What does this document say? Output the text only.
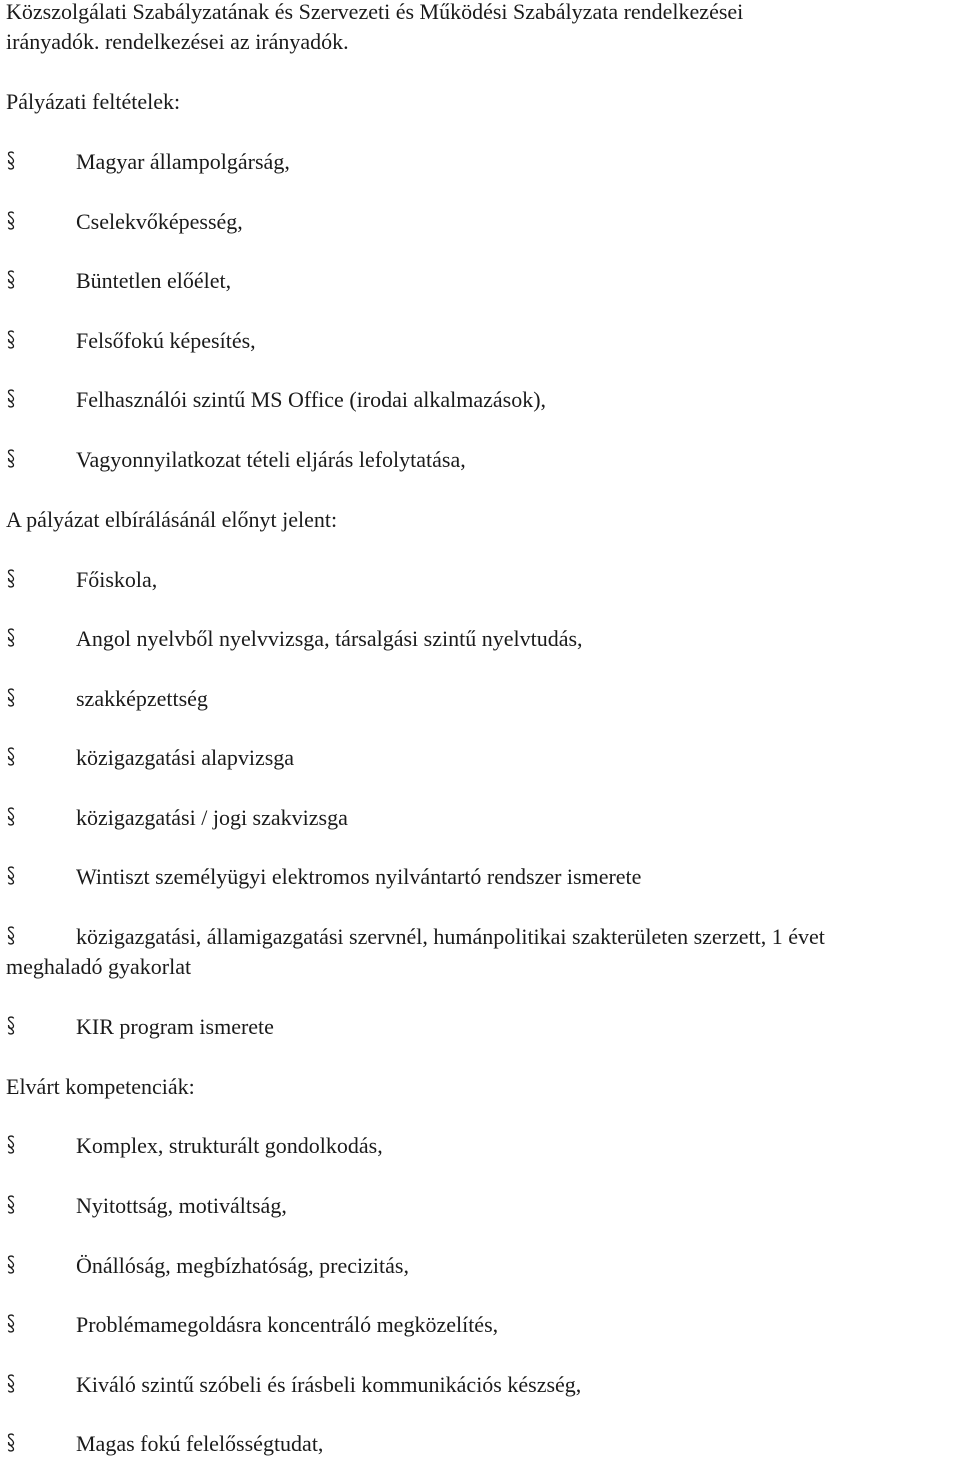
Közszolgálati Szabályzatának és Szervezeti és Működési Szabályzata rendelkezései
irányadók. rendelkezései az irányadók.
Pályázati feltételek:
Magyar állampolgárság,
Cselekvőképesség,
Büntetlen előélet,
Felsőfokú képesítés,
Felhasználói szintű MS Office (irodai alkalmazások),
Vagyonnyilatkozat tételi eljárás lefolytatása,
A pályázat elbírálásánál előnyt jelent:
Főiskola,
Angol nyelvből nyelvvizsga, társalgási szintű nyelvtudás,
szakképzettség
közigazgatási alapvizsga
közigazgatási / jogi szakvizsga
Wintiszt személyügyi elektromos nyilvántartó rendszer ismerete
közigazgatási, államigazgatási szervnél, humánpolitikai szakterületen szerzett, 1 évet
meghaladó gyakorlat
KIR program ismerete
Elvárt kompetenciák:
Komplex, strukturált gondolkodás,
Nyitottság, motiváltság,
Önállóság, megbízhatóság, precizitás,
Problémamegoldásra koncentráló megközelítés,
Kiváló szintű szóbeli és írásbeli kommunikációs készség,
Magas fokú felelősségtudat,
